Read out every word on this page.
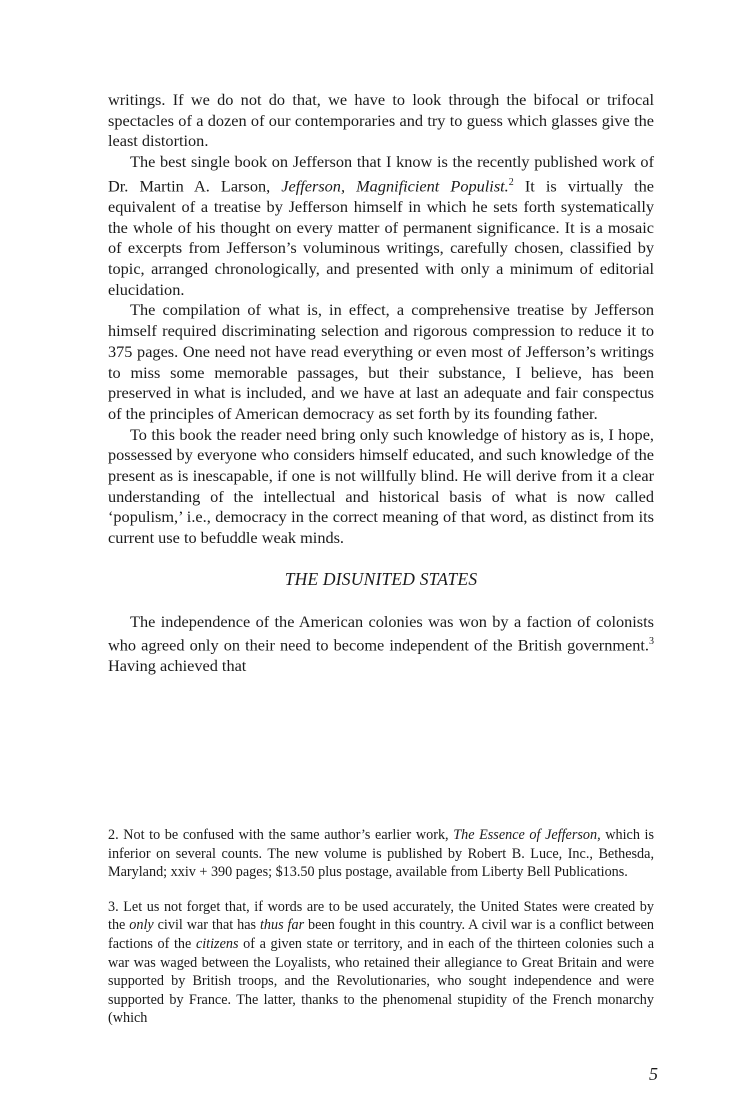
writings. If we do not do that, we have to look through the bifocal or trifocal spectacles of a dozen of our contemporaries and try to guess which glasses give the least distortion.

The best single book on Jefferson that I know is the recently published work of Dr. Martin A. Larson, Jefferson, Magnificient Populist.$^2$ It is virtually the equivalent of a treatise by Jefferson himself in which he sets forth systematically the whole of his thought on every matter of permanent significance. It is a mosaic of excerpts from Jefferson’s voluminous writings, carefully chosen, classified by topic, arranged chronologically, and presented with only a minimum of editorial elucidation.

The compilation of what is, in effect, a comprehensive treatise by Jefferson himself required discriminating selection and rigorous compression to reduce it to 375 pages. One need not have read everything or even most of Jefferson’s writings to miss some memorable passages, but their substance, I believe, has been preserved in what is included, and we have at last an adequate and fair conspectus of the principles of American democracy as set forth by its founding father.

To this book the reader need bring only such knowledge of history as is, I hope, possessed by everyone who considers himself educated, and such knowledge of the present as is inescapable, if one is not willfully blind. He will derive from it a clear understanding of the intellectual and historical basis of what is now called ‘populism,’ i.e., democracy in the correct meaning of that word, as distinct from its current use to befuddle weak minds.

THE DISUNITED STATES

The independence of the American colonies was won by a faction of colonists who agreed only on their need to become independent of the British government.$^3$ Having achieved that

2. Not to be confused with the same author’s earlier work, The Essence of Jefferson, which is inferior on several counts. The new volume is published by Robert B. Luce, Inc., Bethesda, Maryland; xxiv + 390 pages; $13.50 plus postage, available from Liberty Bell Publications.

3. Let us not forget that, if words are to be used accurately, the United States were created by the only civil war that has thus far been fought in this country. A civil war is a conflict between factions of the citizens of a given state or territory, and in each of the thirteen colonies such a war was waged between the Loyalists, who retained their allegiance to Great Britain and were supported by British troops, and the Revolutionaries, who sought independence and were supported by France. The latter, thanks to the phenomenal stupidity of the French monarchy (which

5
